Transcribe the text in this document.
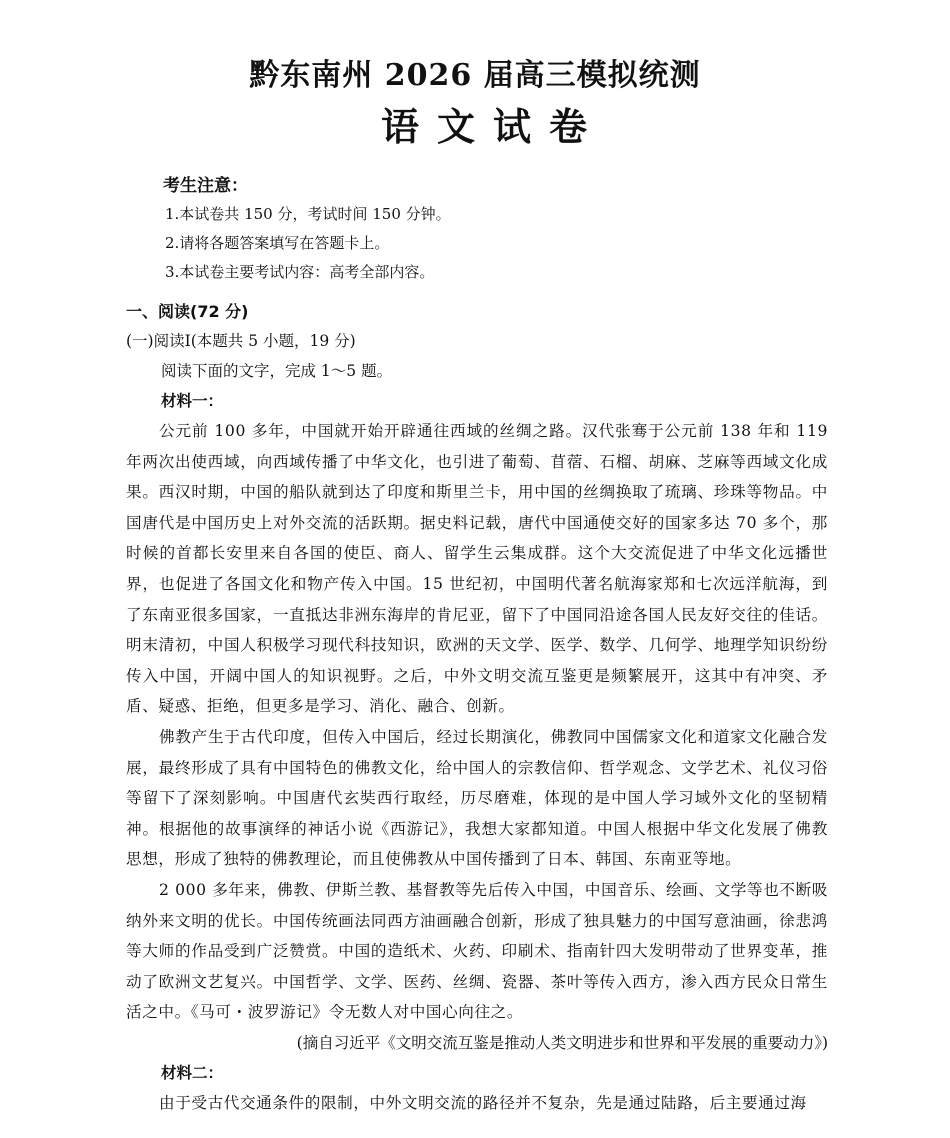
黔东南州 2026 届高三模拟统测
语文试卷
考生注意：
1.本试卷共 150 分，考试时间 150 分钟。
2.请将各题答案填写在答题卡上。
3.本试卷主要考试内容：高考全部内容。
一、阅读(72 分)
(一)阅读Ⅰ(本题共 5 小题，19 分)
阅读下面的文字，完成 1～5 题。
材料一：

公元前 100 多年，中国就开始开辟通往西域的丝绸之路。汉代张骞于公元前 138 年和 119 年两次出使西域，向西域传播了中华文化，也引进了葡萄、苜蓿、石榴、胡麻、芝麻等西域文化成果。西汉时期，中国的船队就到达了印度和斯里兰卡，用中国的丝绸换取了琉璃、珍珠等物品。中国唐代是中国历史上对外交流的活跃期。据史料记载，唐代中国通使交好的国家多达 70 多个，那时候的首都长安里来自各国的使臣、商人、留学生云集成群。这个大交流促进了中华文化远播世界，也促进了各国文化和物产传入中国。15 世纪初，中国明代著名航海家郑和七次远洋航海，到了东南亚很多国家，一直抵达非洲东海岸的肯尼亚，留下了中国同沿途各国人民友好交往的佳话。明末清初，中国人积极学习现代科技知识，欧洲的天文学、医学、数学、几何学、地理学知识纷纷传入中国，开阔中国人的知识视野。之后，中外文明交流互鉴更是频繁展开，这其中有冲突、矛盾、疑惑、拒绝，但更多是学习、消化、融合、创新。

佛教产生于古代印度，但传入中国后，经过长期演化，佛教同中国儒家文化和道家文化融合发展，最终形成了具有中国特色的佛教文化，给中国人的宗教信仰、哲学观念、文学艺术、礼仪习俗等留下了深刻影响。中国唐代玄奘西行取经，历尽磨难，体现的是中国人学习域外文化的坚韧精神。根据他的故事演绎的神话小说《西游记》，我想大家都知道。中国人根据中华文化发展了佛教思想，形成了独特的佛教理论，而且使佛教从中国传播到了日本、韩国、东南亚等地。

2 000 多年来，佛教、伊斯兰教、基督教等先后传入中国，中国音乐、绘画、文学等也不断吸纳外来文明的优长。中国传统画法同西方油画融合创新，形成了独具魅力的中国写意油画，徐悲鸿等大师的作品受到广泛赞赏。中国的造纸术、火药、印刷术、指南针四大发明带动了世界变革，推动了欧洲文艺复兴。中国哲学、文学、医药、丝绸、瓷器、茶叶等传入西方，渗入西方民众日常生活之中。《马可・波罗游记》令无数人对中国心向往之。

(摘自习近平《文明交流互鉴是推动人类文明进步和世界和平发展的重要动力》)
材料二：

由于受古代交通条件的限制，中外文明交流的路径并不复杂，先是通过陆路，后主要通过海
